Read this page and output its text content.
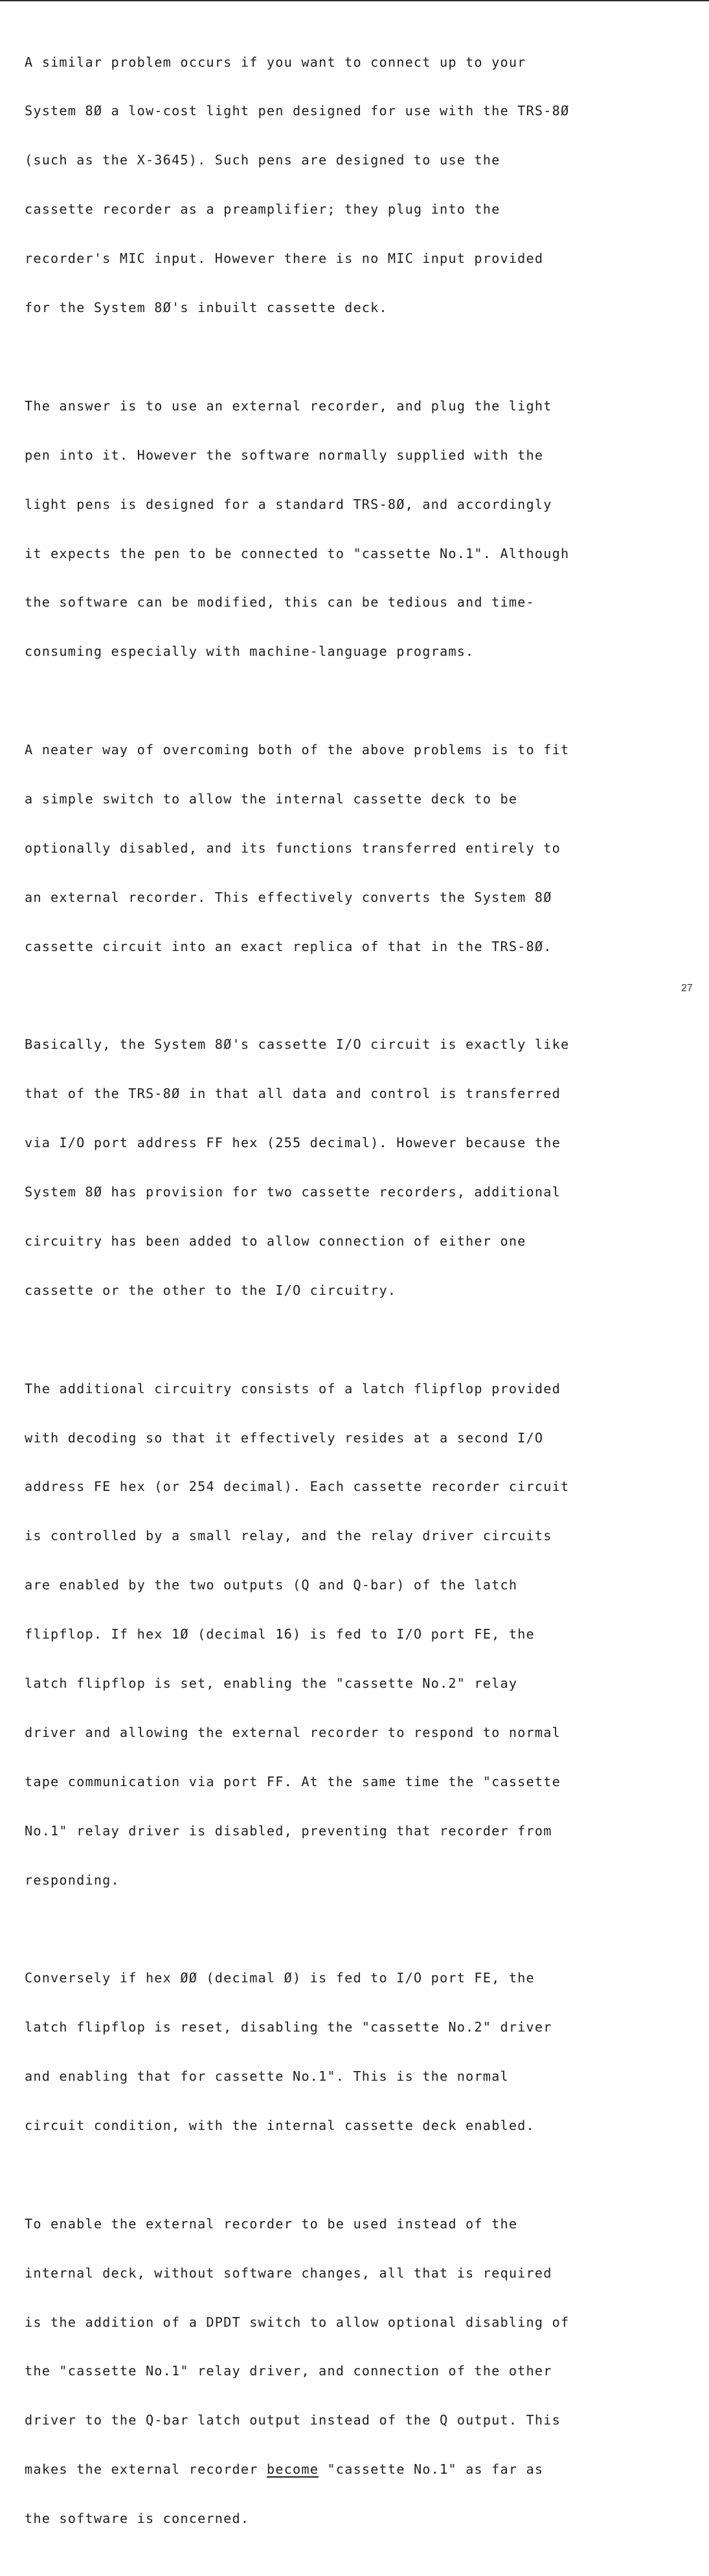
A similar problem occurs if you want to connect up to your

System 8Ø a low-cost light pen designed for use with the TRS-8Ø

(such as the X-3645). Such pens are designed to use the

cassette recorder as a preamplifier; they plug into the

recorder's MIC input. However there is no MIC input provided

for the System 8Ø's inbuilt cassette deck.

The answer is to use an external recorder, and plug the light

pen into it. However the software normally supplied with the

light pens is designed for a standard TRS-8Ø, and accordingly

it expects the pen to be connected to "cassette No.1". Although

the software can be modified, this can be tedious and time-

consuming especially with machine-language programs.

A neater way of overcoming both of the above problems is to fit

a simple switch to allow the internal cassette deck to be

optionally disabled, and its functions transferred entirely to

an external recorder. This effectively converts the System 8Ø

cassette circuit into an exact replica of that in the TRS-8Ø.

Basically, the System 8Ø's cassette I/O circuit is exactly like

that of the TRS-8Ø in that all data and control is transferred

via I/O port address FF hex (255 decimal). However because the

System 8Ø has provision for two cassette recorders, additional

circuitry has been added to allow connection of either one

cassette or the other to the I/O circuitry.

The additional circuitry consists of a latch flipflop provided

with decoding so that it effectively resides at a second I/O

address FE hex (or 254 decimal). Each cassette recorder circuit

is controlled by a small relay, and the relay driver circuits

are enabled by the two outputs (Q and Q-bar) of the latch

flipflop. If hex 1Ø (decimal 16) is fed to I/O port FE, the

latch flipflop is set, enabling the "cassette No.2" relay

driver and allowing the external recorder to respond to normal

tape communication via port FF. At the same time the "cassette

No.1" relay driver is disabled, preventing that recorder from

responding.

Conversely if hex ØØ (decimal Ø) is fed to I/O port FE, the

latch flipflop is reset, disabling the "cassette No.2" driver

and enabling that for cassette No.1". This is the normal

circuit condition, with the internal cassette deck enabled.

To enable the external recorder to be used instead of the

internal deck, without software changes, all that is required

is the addition of a DPDT switch to allow optional disabling of

the "cassette No.1" relay driver, and connection of the other

driver to the Q-bar latch output instead of the Q output. This

makes the external recorder become "cassette No.1" as far as

the software is concerned.

27
